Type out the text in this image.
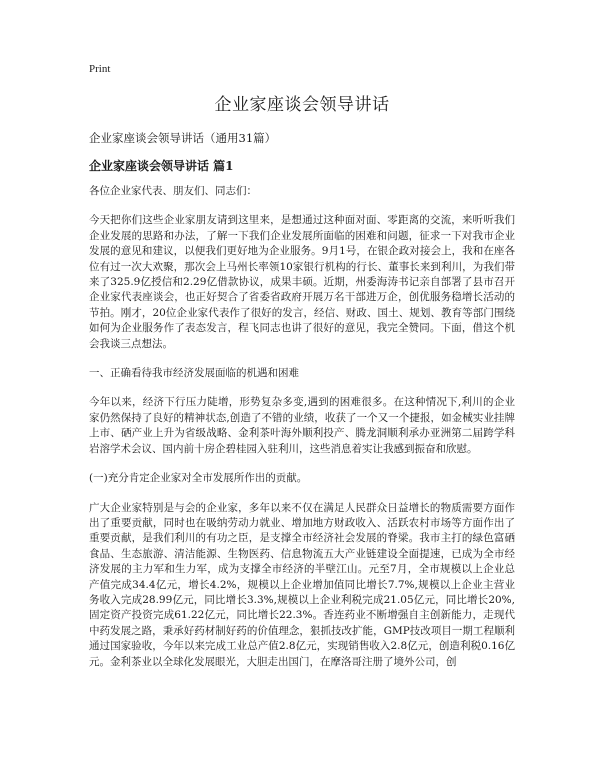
Print
企业家座谈会领导讲话
企业家座谈会领导讲话（通用31篇）
企业家座谈会领导讲话 篇1

各位企业家代表、朋友们、同志们：

今天把你们这些企业家朋友请到这里来，是想通过这种面对面、零距离的交流，来听听我们企业发展的思路和办法，了解一下我们企业发展所面临的困难和问题，征求一下对我市企业发展的意见和建议，以便我们更好地为企业服务。9月1号，在银企政对接会上，我和在座各位有过一次大欢聚，那次会上马州长率领10家银行机构的行长、董事长来到利川，为我们带来了325.9亿授信和2.29亿借款协议，成果丰硕。近期，州委海涛书记亲自部署了县市召开企业家代表座谈会，也正好契合了省委省政府开展万名干部进万企，创优服务稳增长活动的节拍。刚才，20位企业家代表作了很好的发言，经信、财政、国土、规划、教育等部门围绕如何为企业服务作了表态发言，程飞同志也讲了很好的意见，我完全赞同。下面，借这个机会我谈三点想法。

一、正确看待我市经济发展面临的机遇和困难

今年以来，经济下行压力陡增，形势复杂多变,遇到的困难很多。在这种情况下,利川的企业家仍然保持了良好的精神状态,创造了不错的业绩，收获了一个又一个捷报，如金械实业挂牌上市、硒产业上升为省级战略、金利茶叶海外顺利投产、腾龙洞顺利承办亚洲第二届跨学科岩溶学术会议、国内前十房企碧桂园入驻利川，这些消息着实让我感到振奋和欣慰。

(一)充分肯定企业家对全市发展所作出的贡献。

广大企业家特别是与会的企业家，多年以来不仅在满足人民群众日益增长的物质需要方面作出了重要贡献，同时也在吸纳劳动力就业、增加地方财政收入、活跃农村市场等方面作出了重要贡献，是我们利川的有功之臣，是支撑全市经济社会发展的脊梁。我市主打的绿色富硒食品、生态旅游、清洁能源、生物医药、信息物流五大产业链建设全面提速，已成为全市经济发展的主力军和生力军，成为支撑全市经济的半壁江山。元至7月，全市规模以上企业总产值完成34.4亿元，增长4.2%，规模以上企业增加值同比增长7.7%,规模以上企业主营业务收入完成28.99亿元，同比增长3.3%,规模以上企业利税完成21.05亿元，同比增长20%,固定资产投资完成61.22亿元，同比增长22.3%。香连药业不断增强自主创新能力，走现代中药发展之路，秉承好药材制好药的价值理念，狠抓技改扩能，GMP技改项目一期工程顺利通过国家验收，今年以来完成工业总产值2.8亿元，实现销售收入2.8亿元，创造利税0.16亿元。金利茶业以全球化发展眼光，大胆走出国门，在摩洛哥注册了境外公司，创
